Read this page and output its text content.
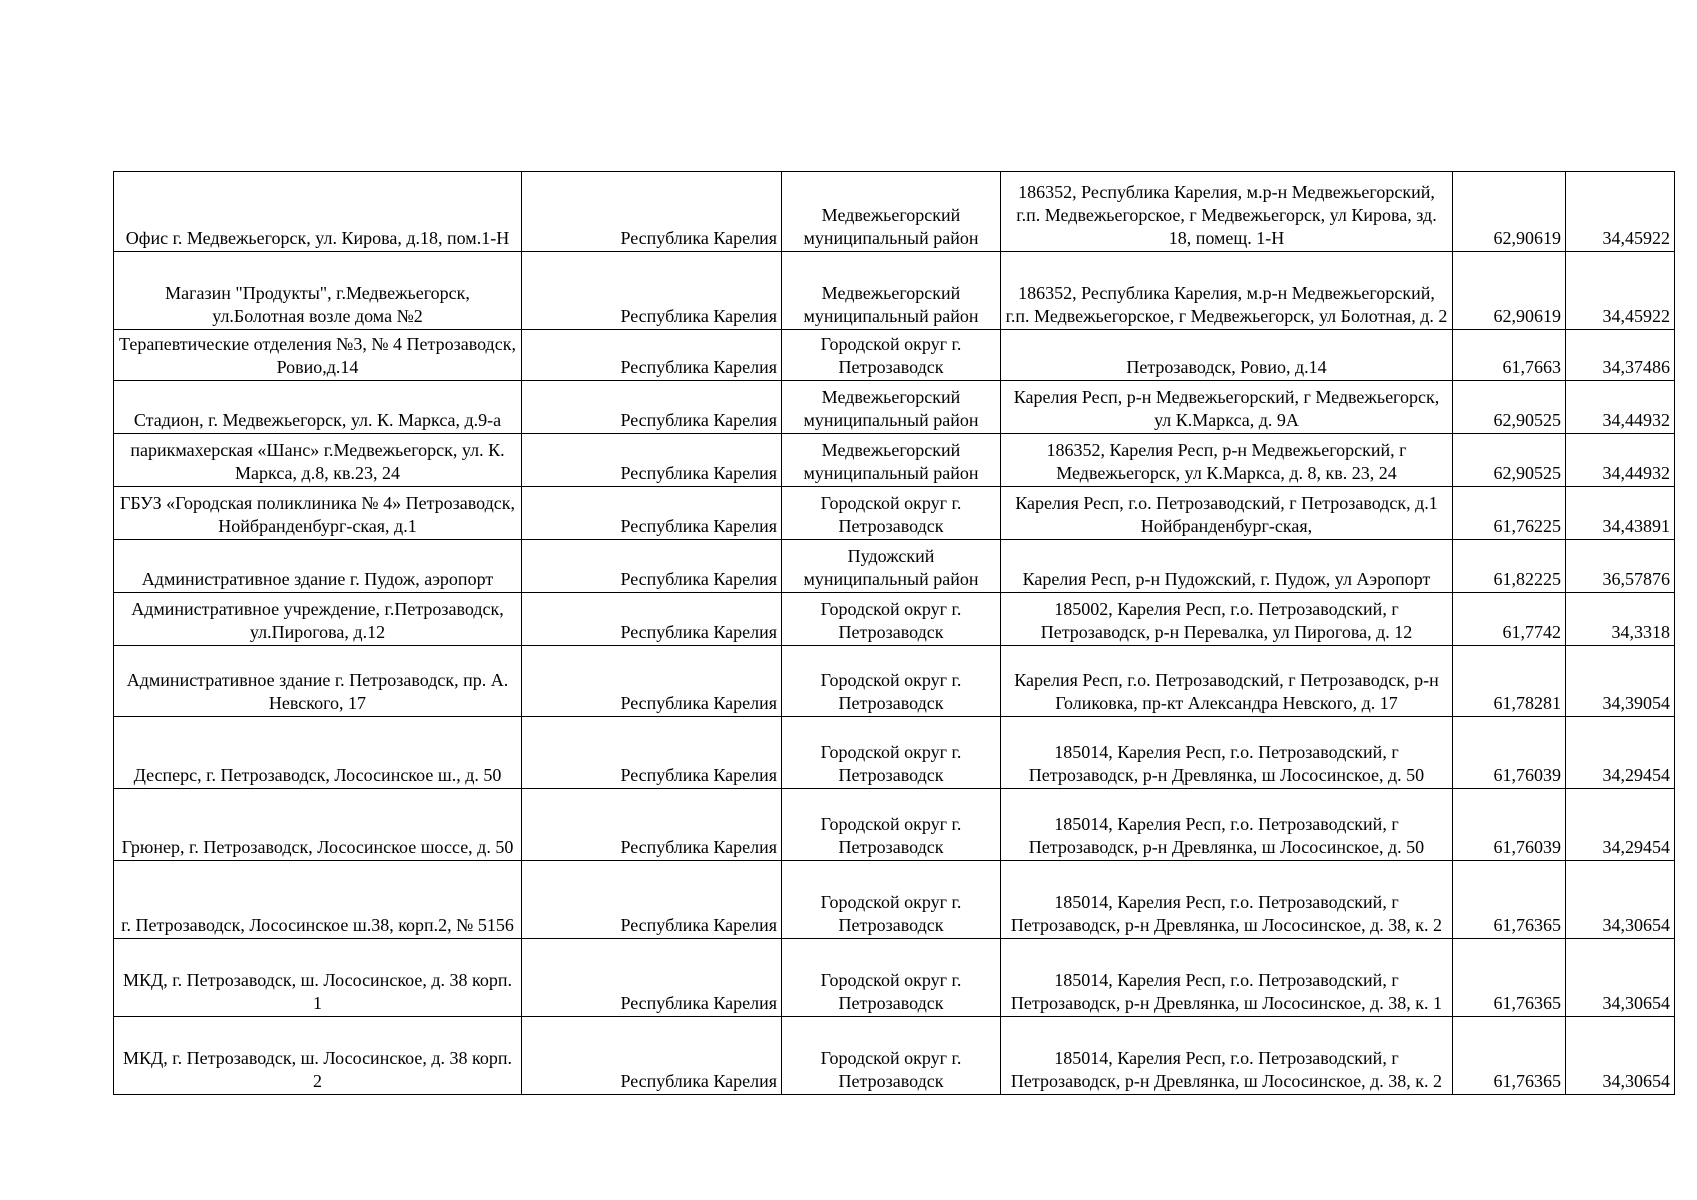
Офис г. Медвежьегорск, ул. Кирова, д.18, пом.1-Н	Республика Карелия	Медвежьегорский муниципальный район	186352, Республика Карелия, м.р-н Медвежьегорский, г.п. Медвежьегорское, г Медвежьегорск, ул Кирова, зд. 18, помещ. 1-Н	62,90619	34,45922
Магазин "Продукты", г.Медвежьегорск, ул.Болотная возле дома №2	Республика Карелия	Медвежьегорский муниципальный район	186352, Республика Карелия, м.р-н Медвежьегорский, г.п. Медвежьегорское, г Медвежьегорск, ул Болотная, д. 2	62,90619	34,45922
Терапевтические отделения №3, № 4 Петрозаводск, Ровио,д.14	Республика Карелия	Городской округ г. Петрозаводск	Петрозаводск, Ровио, д.14	61,7663	34,37486
Стадион, г. Медвежьегорск, ул. К. Маркса, д.9-а	Республика Карелия	Медвежьегорский муниципальный район	Карелия Респ, р-н Медвежьегорский, г Медвежьегорск, ул К.Маркса, д. 9А	62,90525	34,44932
парикмахерская «Шанс» г.Медвежьегорск, ул. К. Маркса, д.8, кв.23, 24	Республика Карелия	Медвежьегорский муниципальный район	186352, Карелия Респ, р-н Медвежьегорский, г Медвежьегорск, ул К.Маркса, д. 8, кв. 23, 24	62,90525	34,44932
ГБУЗ «Городская поликлиника № 4» Петрозаводск, Нойбранденбург-ская, д.1	Республика Карелия	Городской округ г. Петрозаводск	Карелия Респ, г.о. Петрозаводский, г Петрозаводск, д.1 Нойбранденбург-ская,	61,76225	34,43891
Административное здание г. Пудож, аэропорт	Республика Карелия	Пудожский муниципальный район	Карелия Респ, р-н Пудожский, г. Пудож, ул Аэропорт	61,82225	36,57876
Административное учреждение, г.Петрозаводск, ул.Пирогова, д.12	Республика Карелия	Городской округ г. Петрозаводск	185002, Карелия Респ, г.о. Петрозаводский, г Петрозаводск, р-н Перевалка, ул Пирогова, д. 12	61,7742	34,3318
Административное здание г. Петрозаводск, пр. А. Невского, 17	Республика Карелия	Городской округ г. Петрозаводск	Карелия Респ, г.о. Петрозаводский, г Петрозаводск, р-н Голиковка, пр-кт Александра Невского, д. 17	61,78281	34,39054
Десперс, г. Петрозаводск, Лососинское ш., д. 50	Республика Карелия	Городской округ г. Петрозаводск	185014, Карелия Респ, г.о. Петрозаводский, г Петрозаводск, р-н Древлянка, ш Лососинское, д. 50	61,76039	34,29454
Грюнер, г. Петрозаводск, Лососинское шоссе, д. 50	Республика Карелия	Городской округ г. Петрозаводск	185014, Карелия Респ, г.о. Петрозаводский, г Петрозаводск, р-н Древлянка, ш Лососинское, д. 50	61,76039	34,29454
г. Петрозаводск, Лососинское ш.38, корп.2, № 5156	Республика Карелия	Городской округ г. Петрозаводск	185014, Карелия Респ, г.о. Петрозаводский, г Петрозаводск, р-н Древлянка, ш Лососинское, д. 38, к. 2	61,76365	34,30654
МКД, г. Петрозаводск, ш. Лососинское, д. 38 корп. 1	Республика Карелия	Городской округ г. Петрозаводск	185014, Карелия Респ, г.о. Петрозаводский, г Петрозаводск, р-н Древлянка, ш Лососинское, д. 38, к. 1	61,76365	34,30654
МКД, г. Петрозаводск, ш. Лососинское, д. 38 корп. 2	Республика Карелия	Городской округ г. Петрозаводск	185014, Карелия Респ, г.о. Петрозаводский, г Петрозаводск, р-н Древлянка, ш Лососинское, д. 38, к. 2	61,76365	34,30654
